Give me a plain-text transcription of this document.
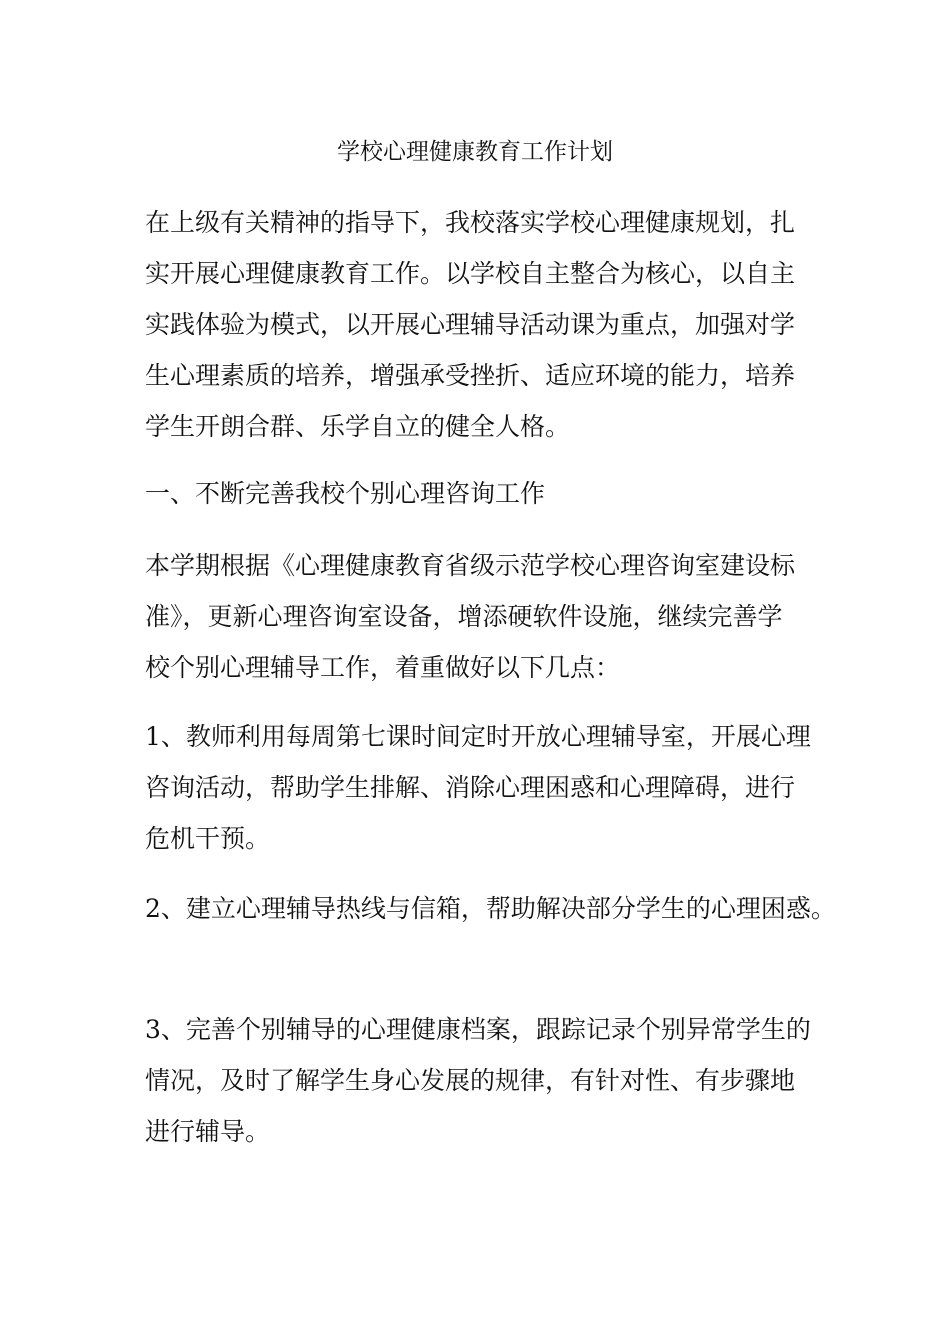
学校心理健康教育工作计划

在上级有关精神的指导下，我校落实学校心理健康规划，扎
实开展心理健康教育工作。以学校自主整合为核心，以自主
实践体验为模式，以开展心理辅导活动课为重点，加强对学
生心理素质的培养，增强承受挫折、适应环境的能力，培养
学生开朗合群、乐学自立的健全人格。

一、不断完善我校个别心理咨询工作

本学期根据《心理健康教育省级示范学校心理咨询室建设标
准》，更新心理咨询室设备，增添硬软件设施，继续完善学
校个别心理辅导工作，着重做好以下几点：

1、教师利用每周第七课时间定时开放心理辅导室，开展心理
咨询活动，帮助学生排解、消除心理困惑和心理障碍，进行
危机干预。

2、建立心理辅导热线与信箱，帮助解决部分学生的心理困惑。

3、完善个别辅导的心理健康档案，跟踪记录个别异常学生的
情况，及时了解学生身心发展的规律，有针对性、有步骤地
进行辅导。
